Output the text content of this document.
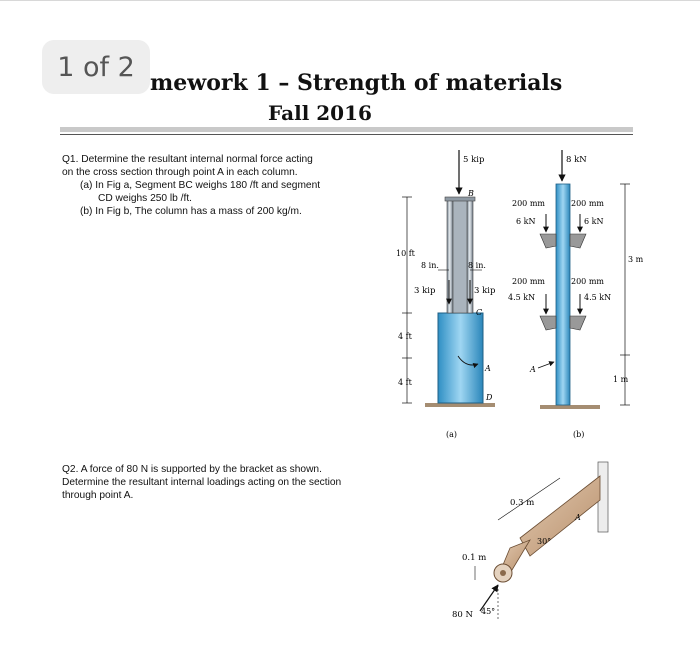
1 of 2
mework 1 – Strength of materials
Fall 2016
Q1. Determine the resultant internal normal force acting
on the cross section through point A in each column.
(a) In Fig a, Segment BC weighs 180 /ft and segment
CD weighs 250 lb /ft.
(b) In Fig b, The column has a mass of 200 kg/m.
Q2. A force of 80 N is supported by the bracket as shown.
Determine the resultant internal loadings acting on the section
through point A.
5 kip
B
3 kip	3 kip
8 in.	8 in.
C
10 ft
4 ft
4 ft
A
D
(a)
8 kN
200 mm	200 mm
6 kN	6 kN
200 mm	200 mm
4.5 kN	4.5 kN
3 m
1 m
A
(b)
80 N 45°
0.3 m
30°
A
0.1 m
